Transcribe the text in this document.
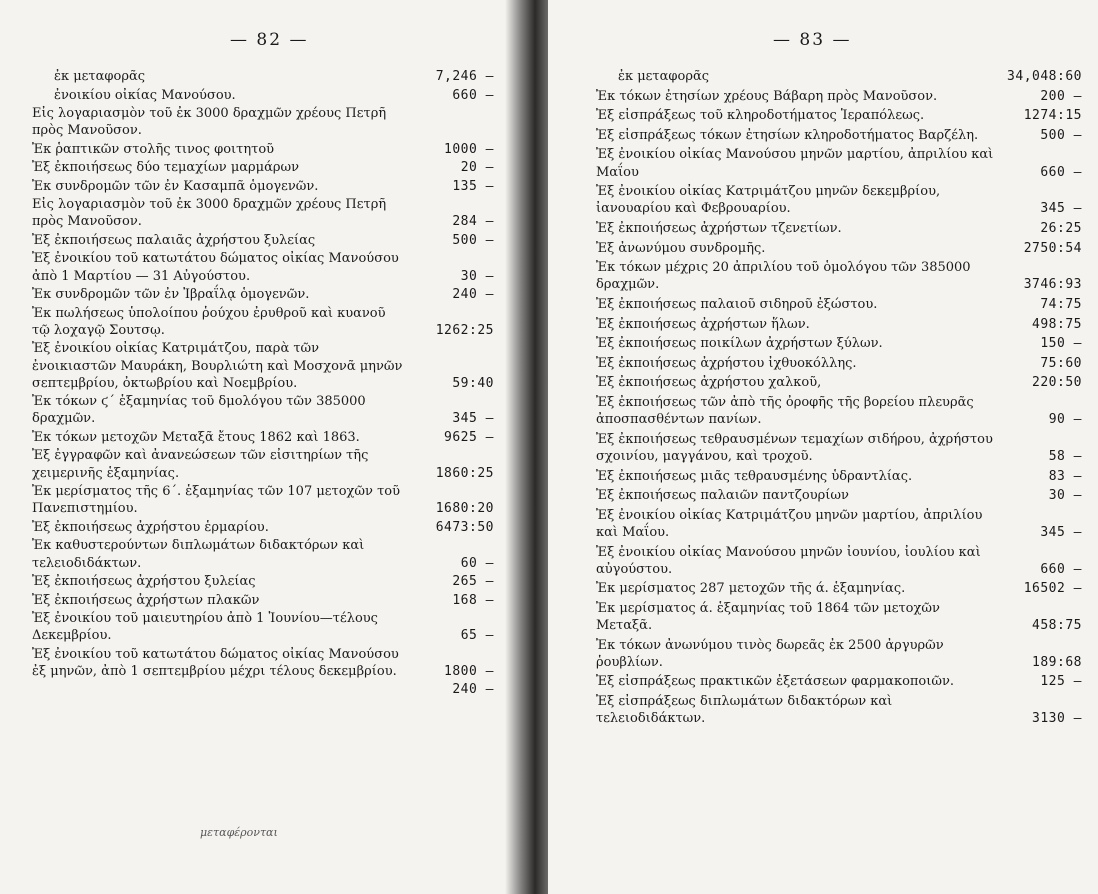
— 82 —
ἐκ μεταφορᾶς	7,246 —
ἐνοικίου οἰκίας Μανούσου.	660 —
Εἰς λογαριασμὸν τοῦ ἐκ 3000 δραχμῶν χρέους Πετρῆ πρὸς Μανοῦσον.
Ἐκ ῥαπτικῶν στολῆς τινος φοιτητοῦ	1000 —
Ἐξ ἐκποιήσεως δύο τεμαχίων μαρμάρων	20 —
Ἐκ συνδρομῶν τῶν ἐν Κασαμπᾶ ὁμογενῶν.	135 —
Εἰς λογαριασμὸν τοῦ ἐκ 3000 δραχμῶν χρέους Πετρῆ πρὸς Μανοῦσον.	284 —
Ἐξ ἐκποιήσεως παλαιᾶς ἀχρήστου ξυλείας	500 —
Ἐξ ἐνοικίου τοῦ κατωτάτου δώματος οἰκίας Μανούσου ἀπὸ 1 Μαρτίου — 31 Αὐγούστου.	30 —
Ἐκ συνδρομῶν τῶν ἐν Ἰβραΐλᾳ ὁμογενῶν.	240 —
Ἐκ πωλήσεως ὑπολοίπου ῥούχου ἐρυθροῦ καὶ κυανοῦ τῷ λοχαγῷ Σουτσῳ.	1262:25
Ἐξ ἐνοικίου οἰκίας Κατριμάτζου, παρὰ τῶν ἐνοικιαστῶν Μαυράκη, Βουρλιώτη καὶ Μοσχονᾶ μηνῶν σεπτεμβρίου, ὀκτωβρίου καὶ Νοεμβρίου.	59:40
Ἐκ τόκων ϛ΄ ἑξαμηνίας τοῦ δμολόγου τῶν 385000 δραχμῶν.	345 —
Ἐκ τόκων μετοχῶν Μεταξᾶ ἔτους 1862 καὶ 1863.	9625 —
Ἐξ ἐγγραφῶν καὶ ἀνανεώσεων τῶν εἰσιτηρίων τῆς χειμερινῆς ἑξαμηνίας.	1860:25
Ἐκ μερίσματος τῆς 6΄. ἑξαμηνίας τῶν 107 μετοχῶν τοῦ Πανεπιστημίου.	1680:20
Ἐξ ἐκποιήσεως ἀχρήστου ἑρμαρίου.	6473:50
Ἐκ καθυστερούντων διπλωμάτων διδακτόρων καὶ τελειοδιδάκτων.	60 —
Ἐξ ἐκποιήσεως ἀχρήστου ξυλείας	265 —
Ἐξ ἐκποιήσεως ἀχρήστων πλακῶν	168 —
Ἐξ ἐνοικίου τοῦ μαιευτηρίου ἀπὸ 1 Ἰουνίου—τέλους Δεκεμβρίου.	65 —
Ἐξ ἐνοικίου τοῦ κατωτάτου δώματος οἰκίας Μανούσου ἐξ μηνῶν, ἀπὸ 1 σεπτεμβρίου μέχρι τέλους δεκεμβρίου.	1800 —

240 —
μεταφέρονται
— 83 —
ἐκ μεταφορᾶς	34,048:60
Ἐκ τόκων ἐτησίων χρέους Βάβαρη πρὸς Μανοῦσον.	200 —
Ἐξ εἰσπράξεως τοῦ κληροδοτήματος Ἱεραπόλεως.	1274:15
Ἐξ εἰσπράξεως τόκων ἐτησίων κληροδοτήματος Βαρζέλη.	500 —
Ἐξ ἐνοικίου οἰκίας Μανούσου μηνῶν μαρτίου, ἀπριλίου καὶ Μαΐου	660 —
Ἐξ ἐνοικίου οἰκίας Κατριμάτζου μηνῶν δεκεμβρίου, ἰανουαρίου καὶ Φεβρουαρίου.	345 —
Ἐξ ἐκποιήσεως ἀχρήστων τζενετίων.	26:25
Ἐξ ἀνωνύμου συνδρομῆς.	2750:54
Ἐκ τόκων μέχρις 20 ἀπριλίου τοῦ ὁμολόγου τῶν 385000 δραχμῶν.	3746:93
Ἐξ ἐκποιήσεως παλαιοῦ σιδηροῦ ἐξώστου.	74:75
Ἐξ ἐκποιήσεως ἀχρήστων ἥλων.	498:75
Ἐξ ἐκποιήσεως ποικίλων ἀχρήστων ξύλων.	150 —
Ἐξ ἐκποιήσεως ἀχρήστου ἰχθυοκόλλης.	75:60
Ἐξ ἐκποιήσεως ἀχρήστου χαλκοῦ,	220:50
Ἐξ ἐκποιήσεως τῶν ἀπὸ τῆς ὀροφῆς τῆς βορείου πλευρᾶς ἀποσπασθέντων πανίων.	90 —
Ἐξ ἐκποιήσεως τεθραυσμένων τεμαχίων σιδήρου, ἀχρήστου σχοινίου, μαγγάνου, καὶ τροχοῦ.	58 —
Ἐξ ἐκποιήσεως μιᾶς τεθραυσμένης ὑδραντλίας.	83 —
Ἐξ ἐκποιήσεως παλαιῶν παντζουρίων	30 —
Ἐξ ἐνοικίου οἰκίας Κατριμάτζου μηνῶν μαρτίου, ἀπριλίου καὶ Μαΐου.	345 —
Ἐξ ἐνοικίου οἰκίας Μανούσου μηνῶν ἰουνίου, ἰουλίου καὶ αὐγούστου.	660 —
Ἐκ μερίσματος 287 μετοχῶν τῆς ά. ἑξαμηνίας.	16502 —
Ἐκ μερίσματος ά. ἑξαμηνίας τοῦ 1864 τῶν μετοχῶν Μεταξᾶ.	458:75
Ἐκ τόκων ἀνωνύμου τινὸς δωρεᾶς ἐκ 2500 ἀργυρῶν ῥουβλίων.	189:68
Ἐξ εἰσπράξεως πρακτικῶν ἐξετάσεων φαρμακοποιῶν.	125 —
Ἐξ εἰσπράξεως διπλωμάτων διδακτόρων καὶ τελειοδιδάκτων.	3130 —
